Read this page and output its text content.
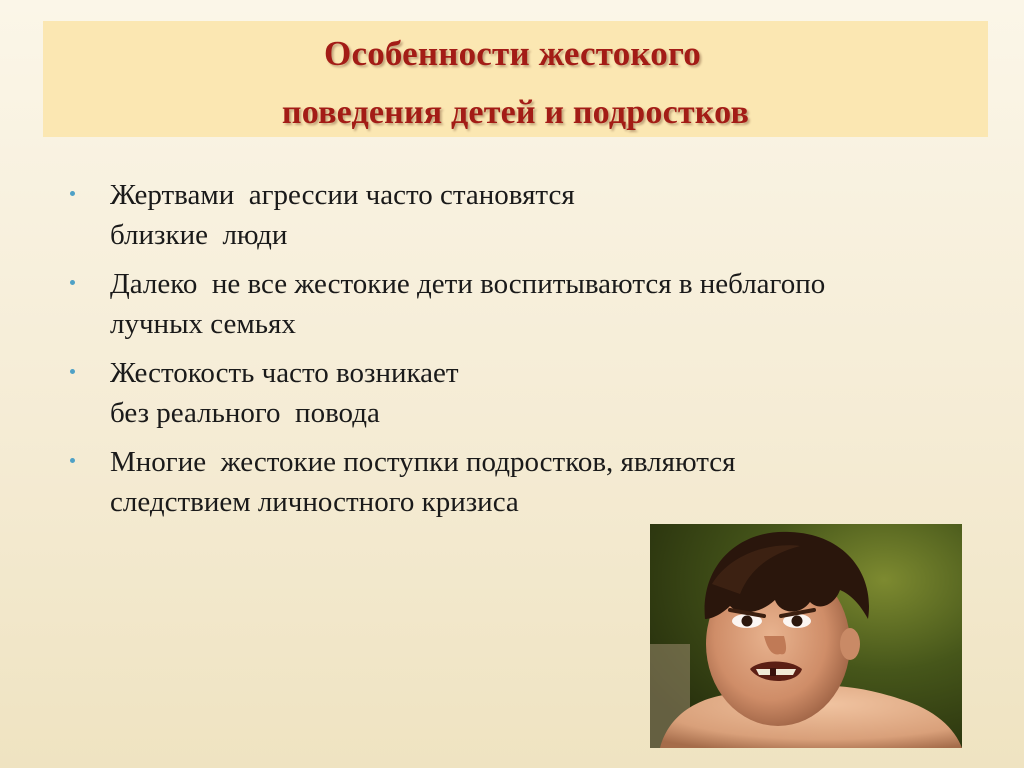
Особенности жестокого
поведения детей и подростков
Жертвами  агрессии часто становятся
близкие  люди
Далеко  не все жестокие дети воспитываются в неблагопо
лучных семьях
Жестокость часто возникает
без реального  повода
Многие  жестокие поступки подростков, являются
следствием личностного кризиса
